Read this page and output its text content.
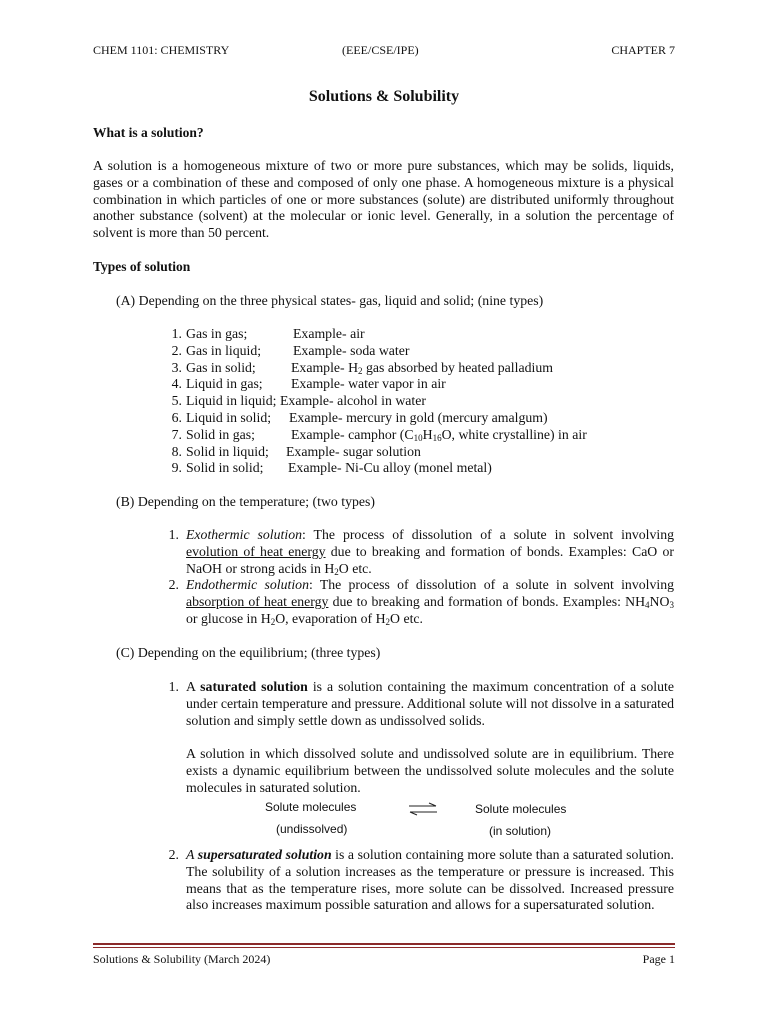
CHEM 1101: CHEMISTRY	(EEE/CSE/IPE)	CHAPTER 7
Solutions & Solubility
What is a solution?

A solution is a homogeneous mixture of two or more pure substances, which may be solids, liquids, gases or a combination of these and composed of only one phase. A homogeneous mixture is a physical combination in which particles of one or more substances (solute) are distributed uniformly throughout another substance (solvent) at the molecular or ionic level. Generally, in a solution the percentage of solvent is more than 50 percent.

Types of solution
(A) Depending on the three physical states- gas, liquid and solid; (nine types)
1. Gas in gas;	Example- air
2. Gas in liquid; Example- soda water
3. Gas in solid;	Example- $H_2$ gas absorbed by heated palladium
4. Liquid in gas; Example- water vapor in air
5. Liquid in liquid; Example- alcohol in water
6. Liquid in solid; Example- mercury in gold (mercury amalgum)
7. Solid in gas;	Example- camphor ($C_{10}H_{16}O$, white crystalline) in air
8. Solid in liquid; Example- sugar solution
9. Solid in solid; Example- Ni-Cu alloy (monel metal)
(B) Depending on the temperature; (two types)
1. Exothermic solution: The process of dissolution of a solute in solvent involving evolution of heat energy due to breaking and formation of bonds. Examples: CaO or NaOH or strong acids in $H_2O$ etc.
2. Endothermic solution: The process of dissolution of a solute in solvent involving absorption of heat energy due to breaking and formation of bonds. Examples: $NH_4NO_3$ or glucose in $H_2O$, evaporation of $H_2O$ etc.
(C) Depending on the equilibrium; (three types)
1. A saturated solution is a solution containing the maximum concentration of a solute under certain temperature and pressure. Additional solute will not dissolve in a saturated solution and simply settle down as undissolved solids.

A solution in which dissolved solute and undissolved solute are in equilibrium. There exists a dynamic equilibrium between the undissolved solute molecules and the solute molecules in saturated solution.

Solute molecules
(undissolved)
Solute molecules
(in solution)
2. A supersaturated solution is a solution containing more solute than a saturated solution. The solubility of a solution increases as the temperature or pressure is increased. This means that as the temperature rises, more solute can be dissolved. Increased pressure also increases maximum possible saturation and allows for a supersaturated solution.
Solutions & Solubility (March 2024)	Page 1
